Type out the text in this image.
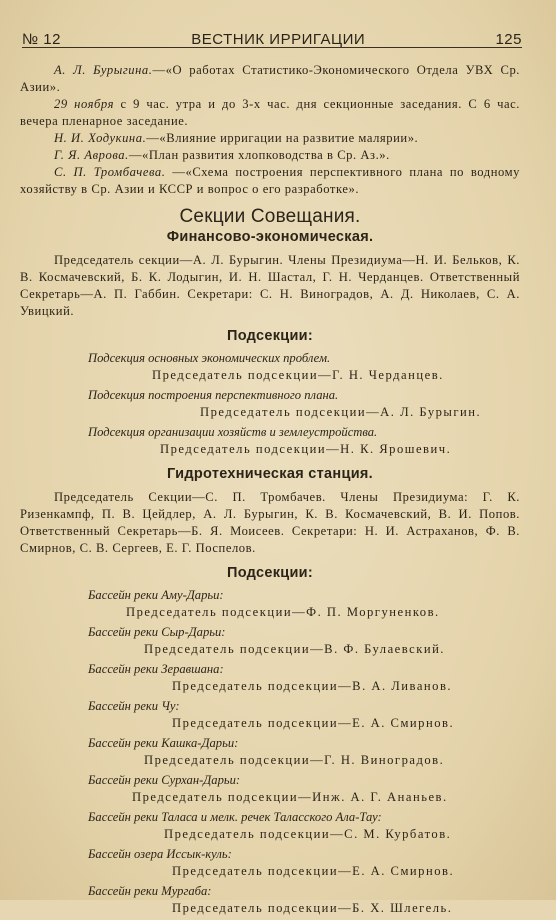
№ 12	ВЕСТНИК ИРРИГАЦИИ	125

А. Л. Бурыгина.—«О работах Статистико-Экономического Отдела УВХ Ср. Азии».

29 ноября с 9 час. утра и до 3-х час. дня секционные заседания. С 6 час. вечера пленарное заседание.

Н. И. Ходукина.—«Влияние ирригации на развитие малярии».

Г. Я. Аврова.—«План развития хлопководства в Ср. Аз.».

С. П. Тромбачева. —«Схема построения перспективного плана по водному хозяйству в Ср. Азии и КССР и вопрос о его разработке».

Секции Совещания.
Финансово-экономическая.

Председатель секции—А. Л. Бурыгин. Члены Президиума—Н. И. Бельков, К. В. Космачевский, Б. К. Лодыгин, И. Н. Шастал, Г. Н. Черданцев. Ответственный Секретарь—А. П. Габбин. Секретари: С. Н. Виноградов, А. Д. Николаев, С. А. Увицкий.

Подсекции:

Подсекция основных экономических проблем.

Председатель подсекции—Г. Н. Черданцев.

Подсекция построения перспективного плана.

Председатель подсекции—А. Л. Бурыгин.

Подсекция организации хозяйств и землеустройства.

Председатель подсекции—Н. К. Ярошевич.

Гидротехническая станция.

Председатель Секции—С. П. Тромбачев. Члены Президиума: Г. К. Ризенкампф, П. В. Цейдлер, А. Л. Бурыгин, К. В. Космачевский, В. И. Попов. Ответственный Секретарь—Б. Я. Моисеев. Секретари: Н. И. Астраханов, Ф. В. Смирнов, С. В. Сергеев, Е. Г. Поспелов.

Подсекции:

Бассейн реки Аму-Дарьи:

Председатель подсекции—Ф. П. Моргуненков.

Бассейн реки Сыр-Дарьи:

Председатель подсекции—В. Ф. Булаевский.

Бассейн реки Зеравшана:

Председатель подсекции—В. А. Ливанов.

Бассейн реки Чу:

Председатель подсекции—Е. А. Смирнов.

Бассейн реки Кашка-Дарьи:

Председатель подсекции—Г. Н. Виноградов.

Бассейн реки Сурхан-Дарьи:

Председатель подсекции—Инж. А. Г. Ананьев.

Бассейн реки Таласа и мелк. речек Таласского Ала-Тау:

Председатель подсекции—С. М. Курбатов.

Бассейн озера Иссык-куль:

Председатель подсекции—Е. А. Смирнов.

Бассейн реки Мургаба:

Председатель подсекции—Б. Х. Шлегель.
